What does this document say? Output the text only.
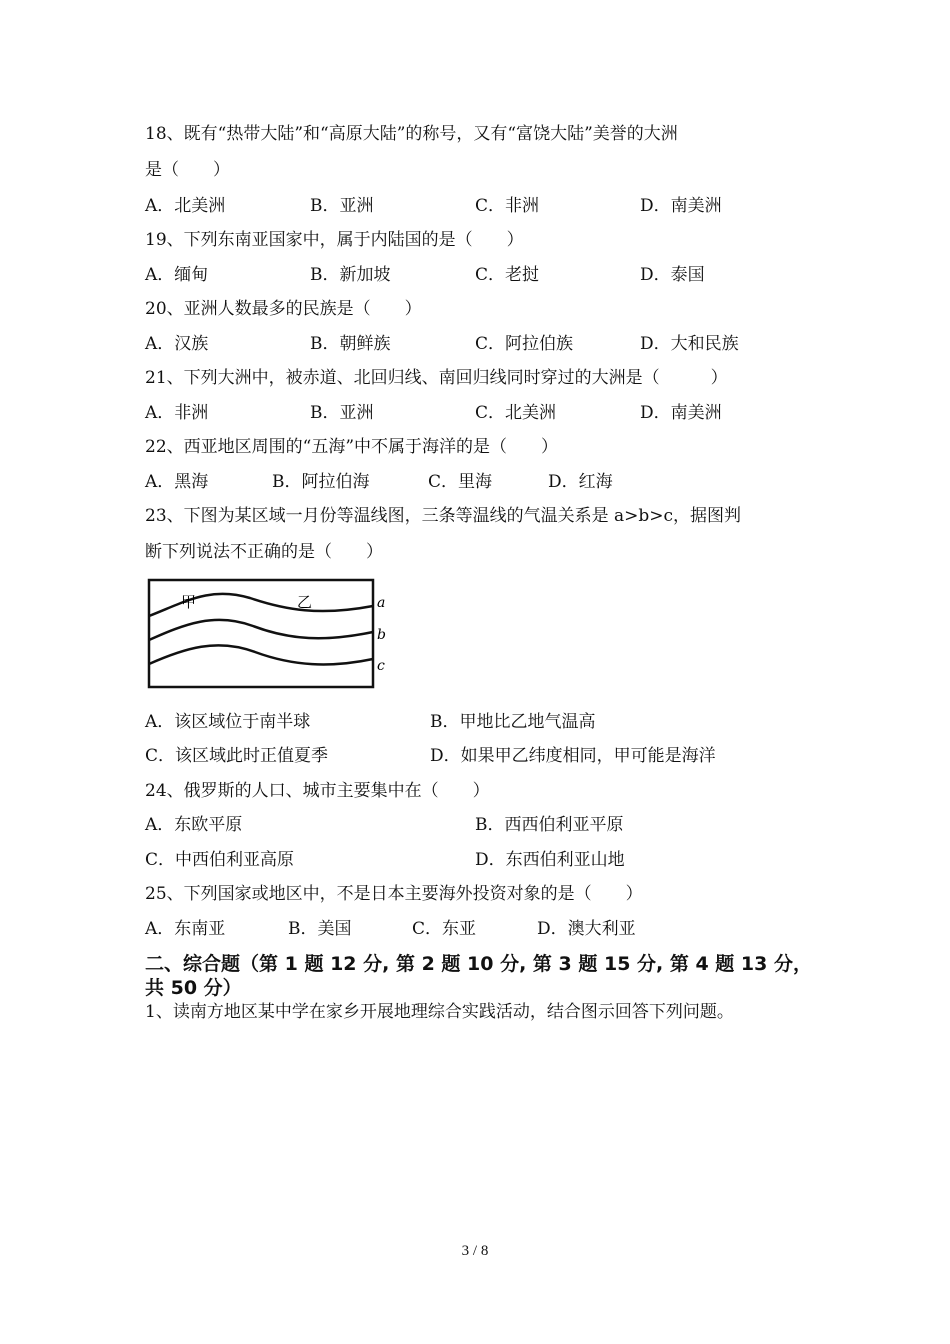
18、既有“热带大陆”和“高原大陆”的称号，又有“富饶大陆”美誉的大洲
是（　　）
A．北美洲	B．亚洲	C．非洲	D．南美洲
19、下列东南亚国家中，属于内陆国的是（　　）
A．缅甸	B．新加坡	C．老挝	D．泰国
20、亚洲人数最多的民族是（　　）
A．汉族	B．朝鲜族	C．阿拉伯族	D．大和民族
21、下列大洲中，被赤道、北回归线、南回归线同时穿过的大洲是（　　　）
A．非洲	B．亚洲	C．北美洲	D．南美洲
22、西亚地区周围的“五海”中不属于海洋的是（　　）
A．黑海	B．阿拉伯海	C．里海	D．红海
23、下图为某区域一月份等温线图，三条等温线的气温关系是 a>b>c，据图判
断下列说法不正确的是（　　）
甲	乙	a
b
c
A．该区域位于南半球	B．甲地比乙地气温高
C．该区域此时正值夏季	D．如果甲乙纬度相同，甲可能是海洋
24、俄罗斯的人口、城市主要集中在（　　）
A．东欧平原	B．西西伯利亚平原
C．中西伯利亚高原	D．东西伯利亚山地
25、下列国家或地区中，不是日本主要海外投资对象的是（　　）
A．东南亚	B．美国	C．东亚	D．澳大利亚
二、综合题（第 1 题 12 分, 第 2 题 10 分, 第 3 题 15 分, 第 4 题 13 分，
共 50 分）
1、读南方地区某中学在家乡开展地理综合实践活动，结合图示回答下列问题。
3 / 8
